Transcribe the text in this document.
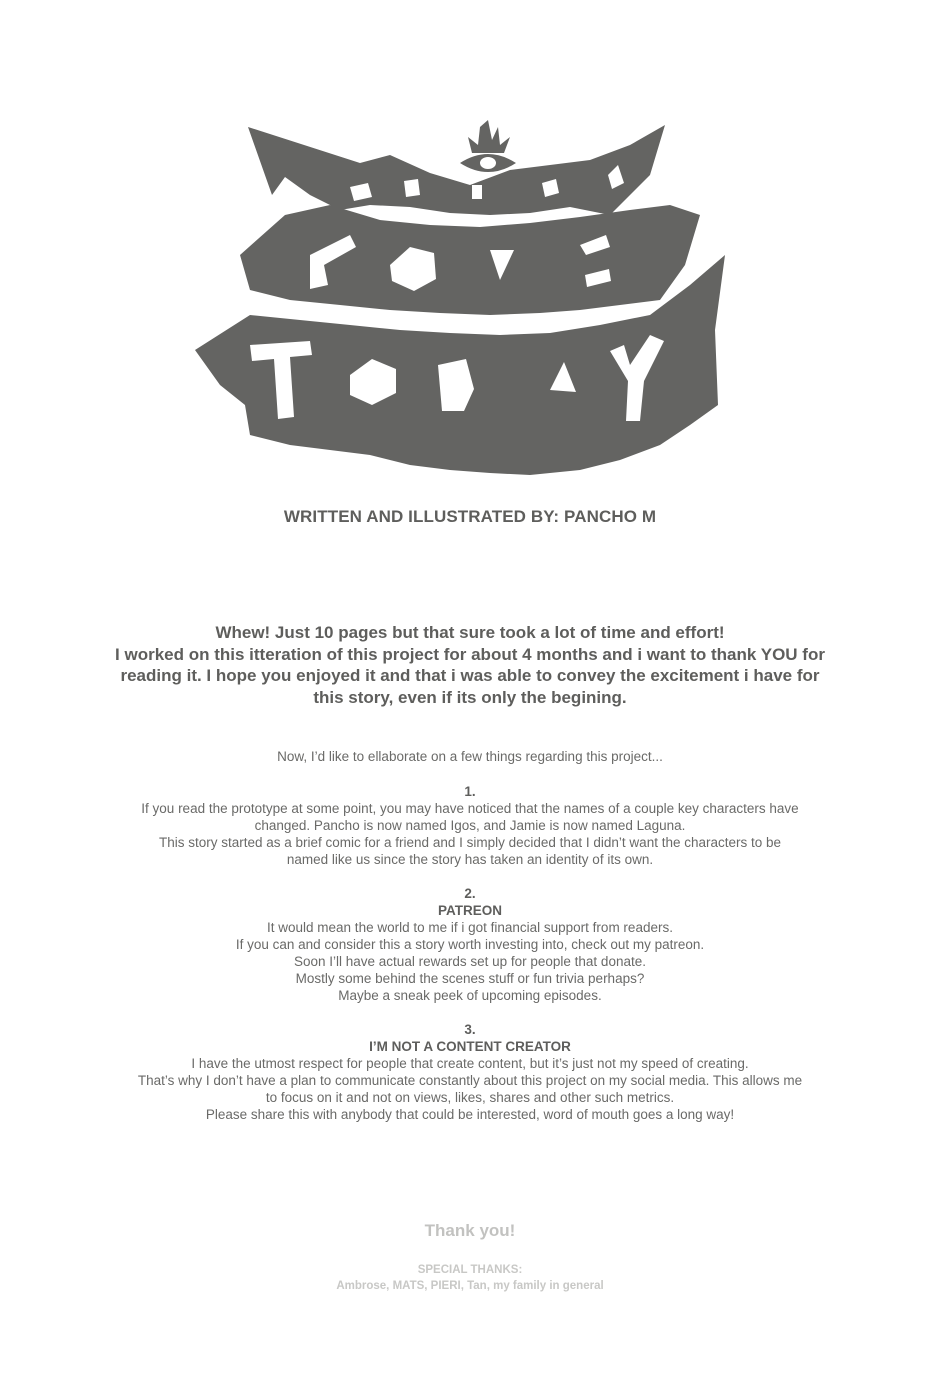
WRITTEN AND ILLUSTRATED BY: PANCHO M
Whew! Just 10 pages but that sure took a lot of time and effort!
I worked on this itteration of this project for about 4 months and i want to thank YOU for
reading it. I hope you enjoyed it and that i was able to convey the excitement i have for
this story, even if its only the begining.
Now, I’d like to ellaborate on a few things regarding this project...
1.
If you read the prototype at some point, you may have noticed that the names of a couple key characters have
changed. Pancho is now named Igos, and Jamie is now named Laguna.
This story started as a brief comic for a friend and I simply decided that I didn’t want the characters to be
named like us since the story has taken an identity of its own.
2.
PATREON
It would mean the world to me if i got financial support from readers.
If you can and consider this a story worth investing into, check out my patreon.
Soon I’ll have actual rewards set up for people that donate.
Mostly some behind the scenes stuff or fun trivia perhaps?
Maybe a sneak peek of upcoming episodes.
3.
I’M NOT A CONTENT CREATOR
I have the utmost respect for people that create content, but it’s just not my speed of creating.
That’s why I don’t have a plan to communicate constantly about this project on my social media. This allows me
to focus on it and not on views, likes, shares and other such metrics.
Please share this with anybody that could be interested, word of mouth goes a long way!
Thank you!
SPECIAL THANKS:
Ambrose, MATS, PIERI, Tan, my family in general
